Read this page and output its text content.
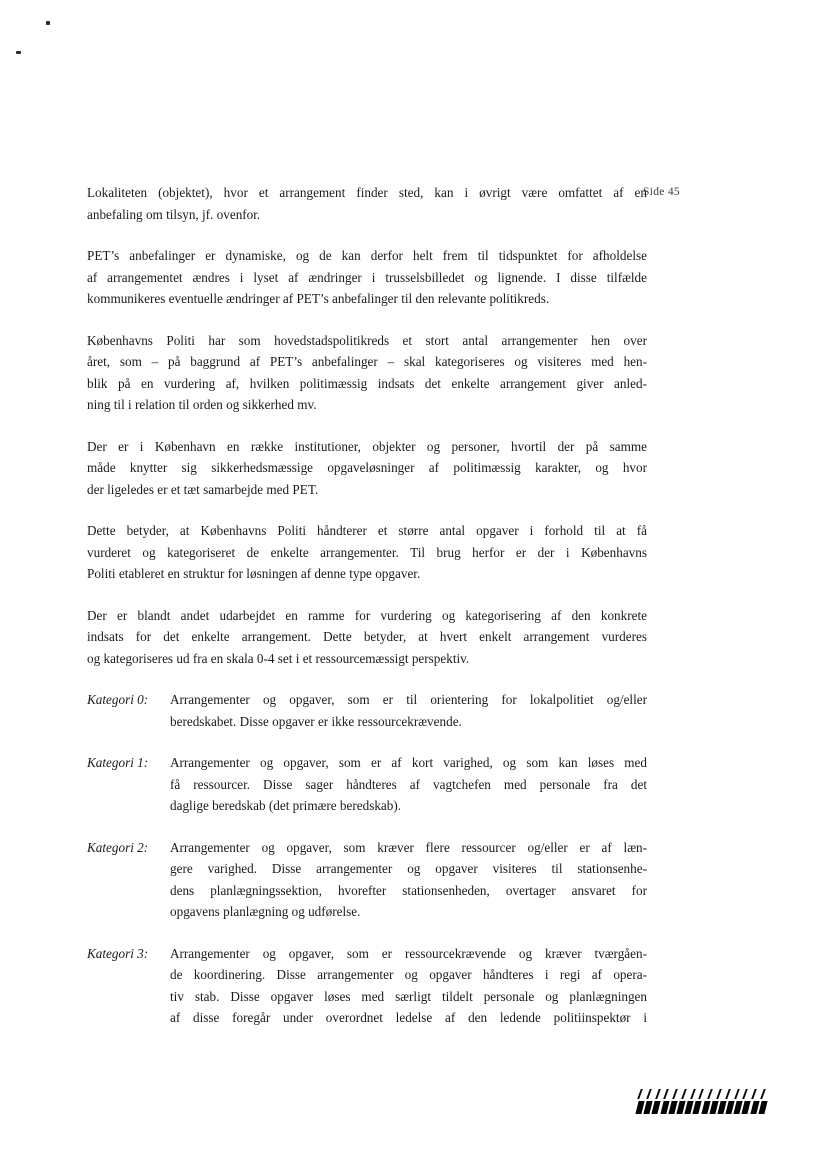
Side 45
Lokaliteten (objektet), hvor et arrangement finder sted, kan i øvrigt være omfattet af en
anbefaling om tilsyn, jf. ovenfor.
PET’s anbefalinger er dynamiske, og de kan derfor helt frem til tidspunktet for afholdelse
af arrangementet ændres i lyset af ændringer i trusselsbilledet og lignende. I disse tilfælde
kommunikeres eventuelle ændringer af PET’s anbefalinger til den relevante politikreds.
Københavns Politi har som hovedstadspolitikreds et stort antal arrangementer hen over
året, som – på baggrund af PET’s anbefalinger – skal kategoriseres og visiteres med hen-
blik på en vurdering af, hvilken politimæssig indsats det enkelte arrangement giver anled-
ning til i relation til orden og sikkerhed mv.
Der er i København en række institutioner, objekter og personer, hvortil der på samme
måde knytter sig sikkerhedsmæssige opgaveløsninger af politimæssig karakter, og hvor
der ligeledes er et tæt samarbejde med PET.
Dette betyder, at Københavns Politi håndterer et større antal opgaver i forhold til at få
vurderet og kategoriseret de enkelte arrangementer. Til brug herfor er der i Københavns
Politi etableret en struktur for løsningen af denne type opgaver.
Der er blandt andet udarbejdet en ramme for vurdering og kategorisering af den konkrete
indsats for det enkelte arrangement. Dette betyder, at hvert enkelt arrangement vurderes
og kategoriseres ud fra en skala 0-4 set i et ressourcemæssigt perspektiv.
Kategori 0:	Arrangementer og opgaver, som er til orientering for lokalpolitiet og/eller
beredskabet. Disse opgaver er ikke ressourcekrævende.
Kategori 1:	Arrangementer og opgaver, som er af kort varighed, og som kan løses med
få ressourcer. Disse sager håndteres af vagtchefen med personale fra det
daglige beredskab (det primære beredskab).
Kategori 2:	Arrangementer og opgaver, som kræver flere ressourcer og/eller er af læn-
gere varighed. Disse arrangementer og opgaver visiteres til stationsenhe-
dens planlægningssektion, hvorefter stationsenheden, overtager ansvaret for
opgavens planlægning og udførelse.
Kategori 3:	Arrangementer og opgaver, som er ressourcekrævende og kræver tværgåen-
de koordinering. Disse arrangementer og opgaver håndteres i regi af opera-
tiv stab. Disse opgaver løses med særligt tildelt personale og planlægningen
af disse foregår under overordnet ledelse af den ledende politiinspektør i
